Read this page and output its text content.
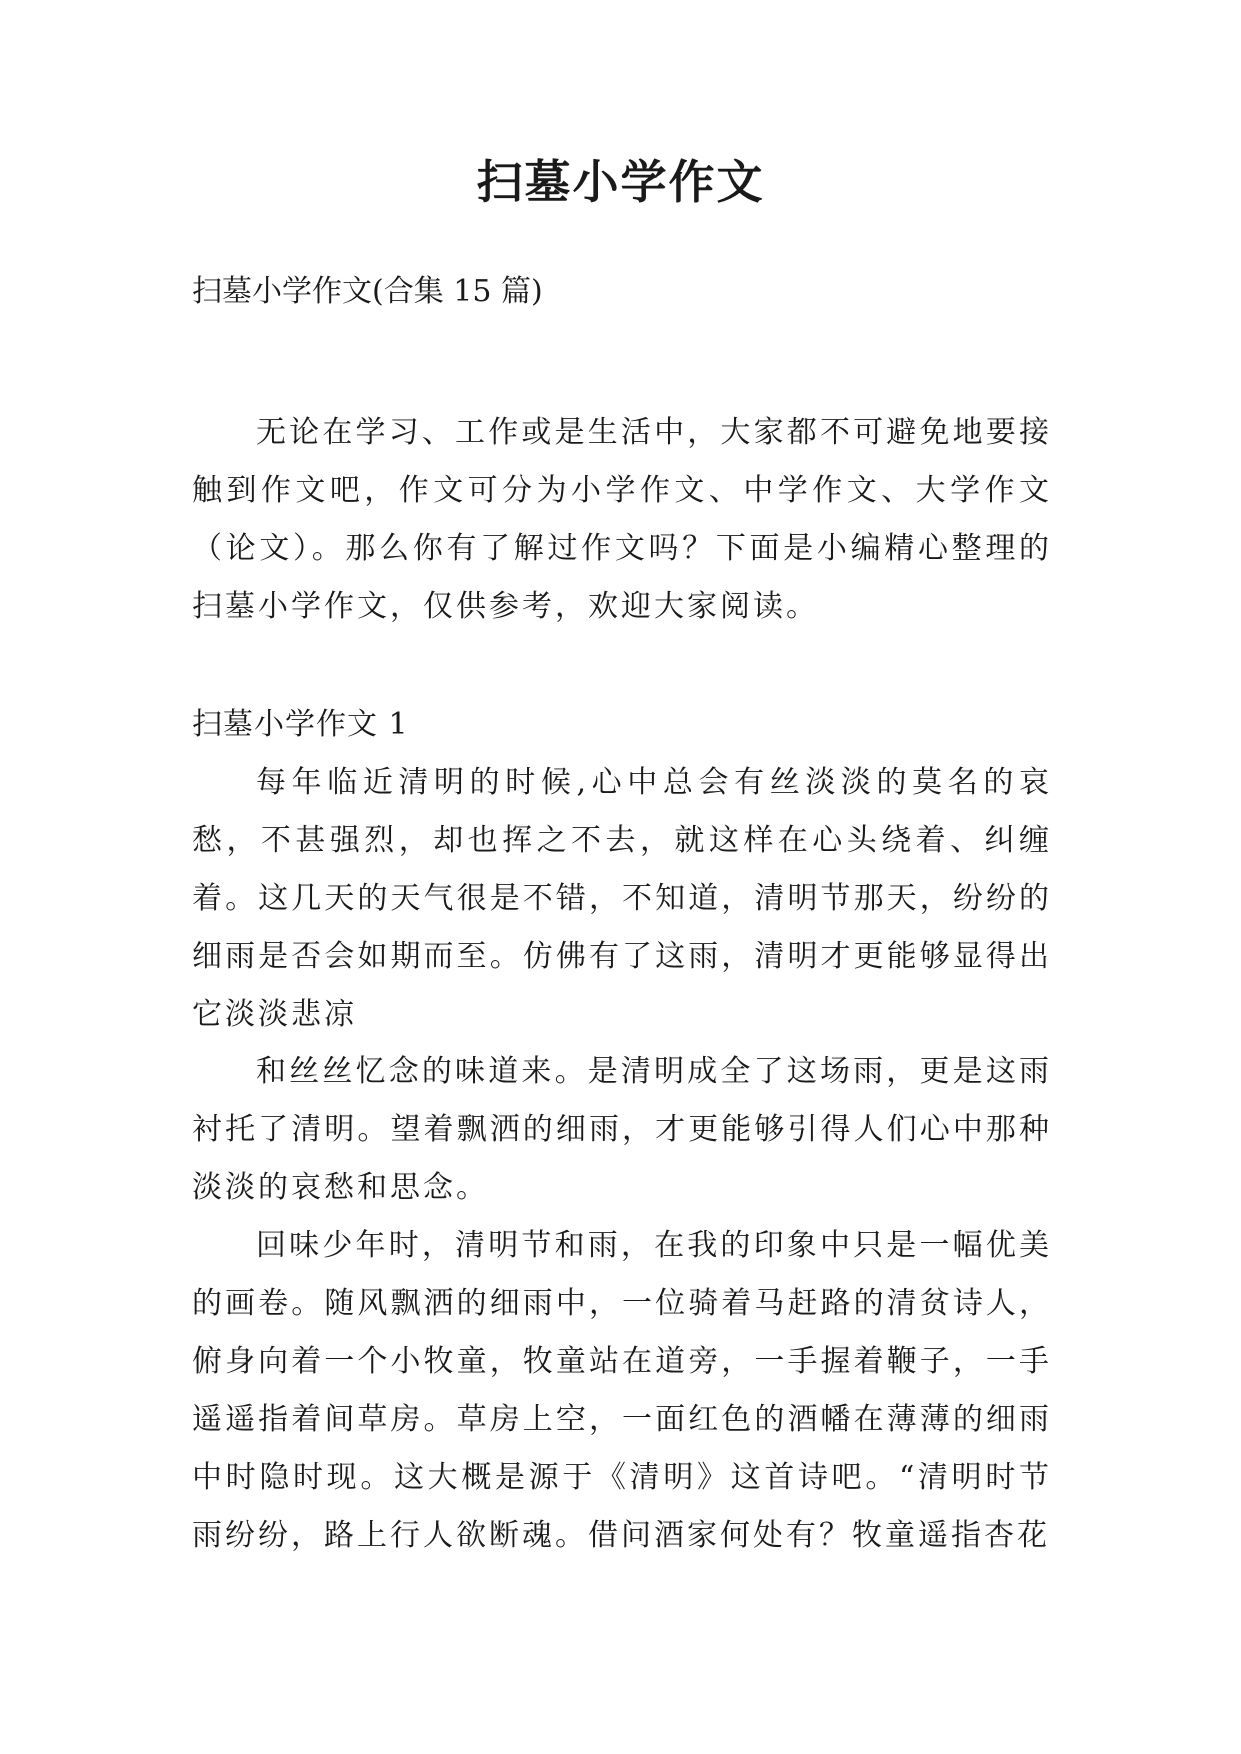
扫墓小学作文
扫墓小学作文(合集 15 篇)

无论在学习、工作或是生活中，大家都不可避免地要接触到作文吧，作文可分为小学作文、中学作文、大学作文（论文）。那么你有了解过作文吗？下面是小编精心整理的扫墓小学作文，仅供参考，欢迎大家阅读。

扫墓小学作文 1

每年临近清明的时候,心中总会有丝淡淡的莫名的哀愁，不甚强烈，却也挥之不去，就这样在心头绕着、纠缠着。这几天的天气很是不错，不知道，清明节那天，纷纷的细雨是否会如期而至。仿佛有了这雨，清明才更能够显得出它淡淡悲凉

和丝丝忆念的味道来。是清明成全了这场雨，更是这雨衬托了清明。望着飘洒的细雨，才更能够引得人们心中那种淡淡的哀愁和思念。

回味少年时，清明节和雨，在我的印象中只是一幅优美的画卷。随风飘洒的细雨中，一位骑着马赶路的清贫诗人，俯身向着一个小牧童，牧童站在道旁，一手握着鞭子，一手遥遥指着间草房。草房上空，一面红色的酒幡在薄薄的细雨中时隐时现。这大概是源于《清明》这首诗吧。“清明时节雨纷纷，路上行人欲断魂。借问酒家何处有？牧童遥指杏花
